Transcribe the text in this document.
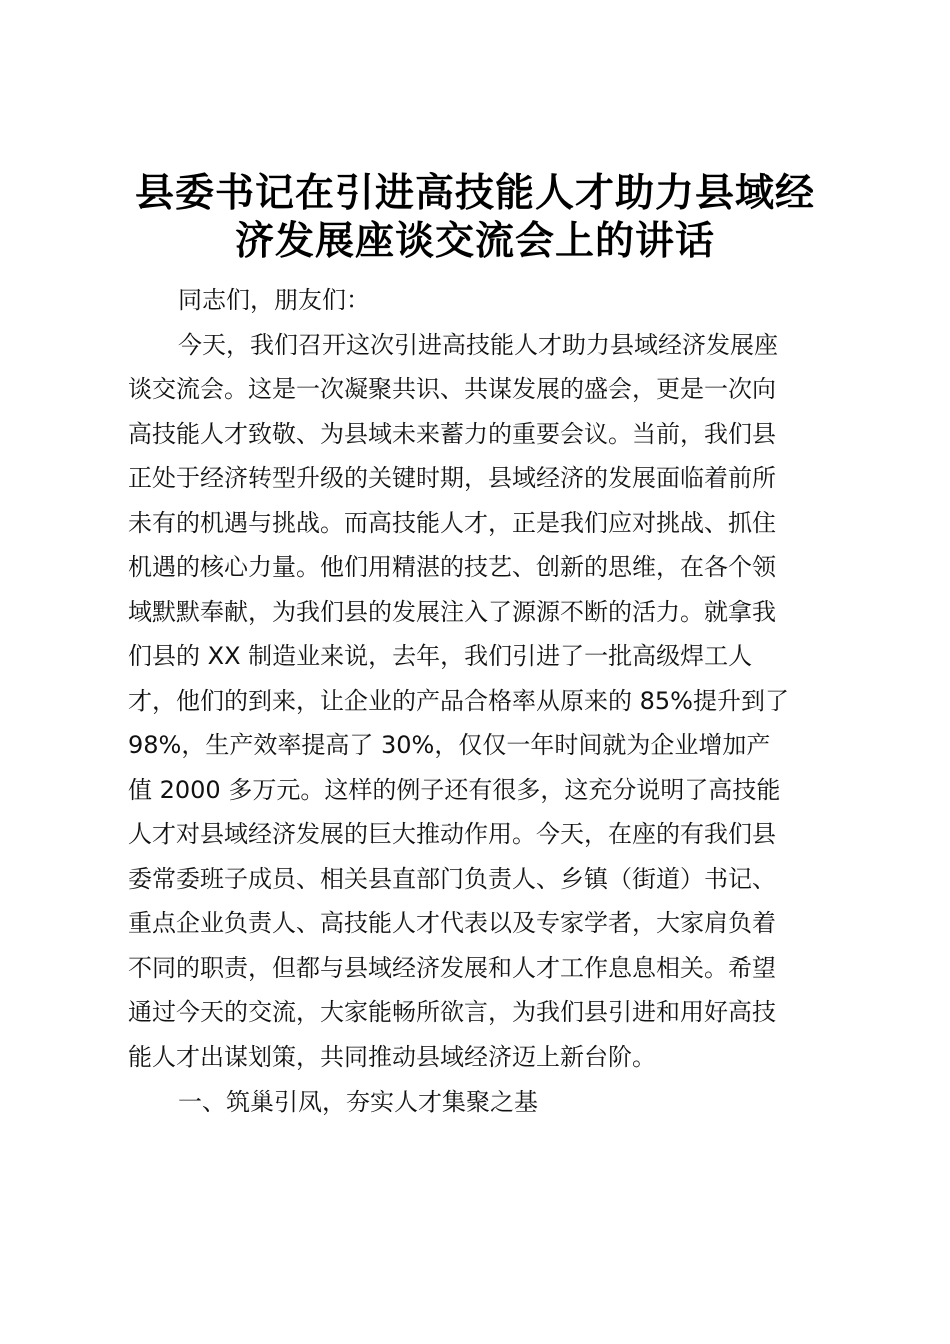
县委书记在引进高技能人才助力县域经
济发展座谈交流会上的讲话
同志们，朋友们：
今天，我们召开这次引进高技能人才助力县域经济发展座
谈交流会。这是一次凝聚共识、共谋发展的盛会，更是一次向
高技能人才致敬、为县域未来蓄力的重要会议。当前，我们县
正处于经济转型升级的关键时期，县域经济的发展面临着前所
未有的机遇与挑战。而高技能人才，正是我们应对挑战、抓住
机遇的核心力量。他们用精湛的技艺、创新的思维，在各个领
域默默奉献，为我们县的发展注入了源源不断的活力。就拿我
们县的 XX 制造业来说，去年，我们引进了一批高级焊工人
才，他们的到来，让企业的产品合格率从原来的 85%提升到了
98%，生产效率提高了 30%，仅仅一年时间就为企业增加产
值 2000 多万元。这样的例子还有很多，这充分说明了高技能
人才对县域经济发展的巨大推动作用。今天，在座的有我们县
委常委班子成员、相关县直部门负责人、乡镇（街道）书记、
重点企业负责人、高技能人才代表以及专家学者，大家肩负着
不同的职责，但都与县域经济发展和人才工作息息相关。希望
通过今天的交流，大家能畅所欲言，为我们县引进和用好高技
能人才出谋划策，共同推动县域经济迈上新台阶。
一、筑巢引凤，夯实人才集聚之基
